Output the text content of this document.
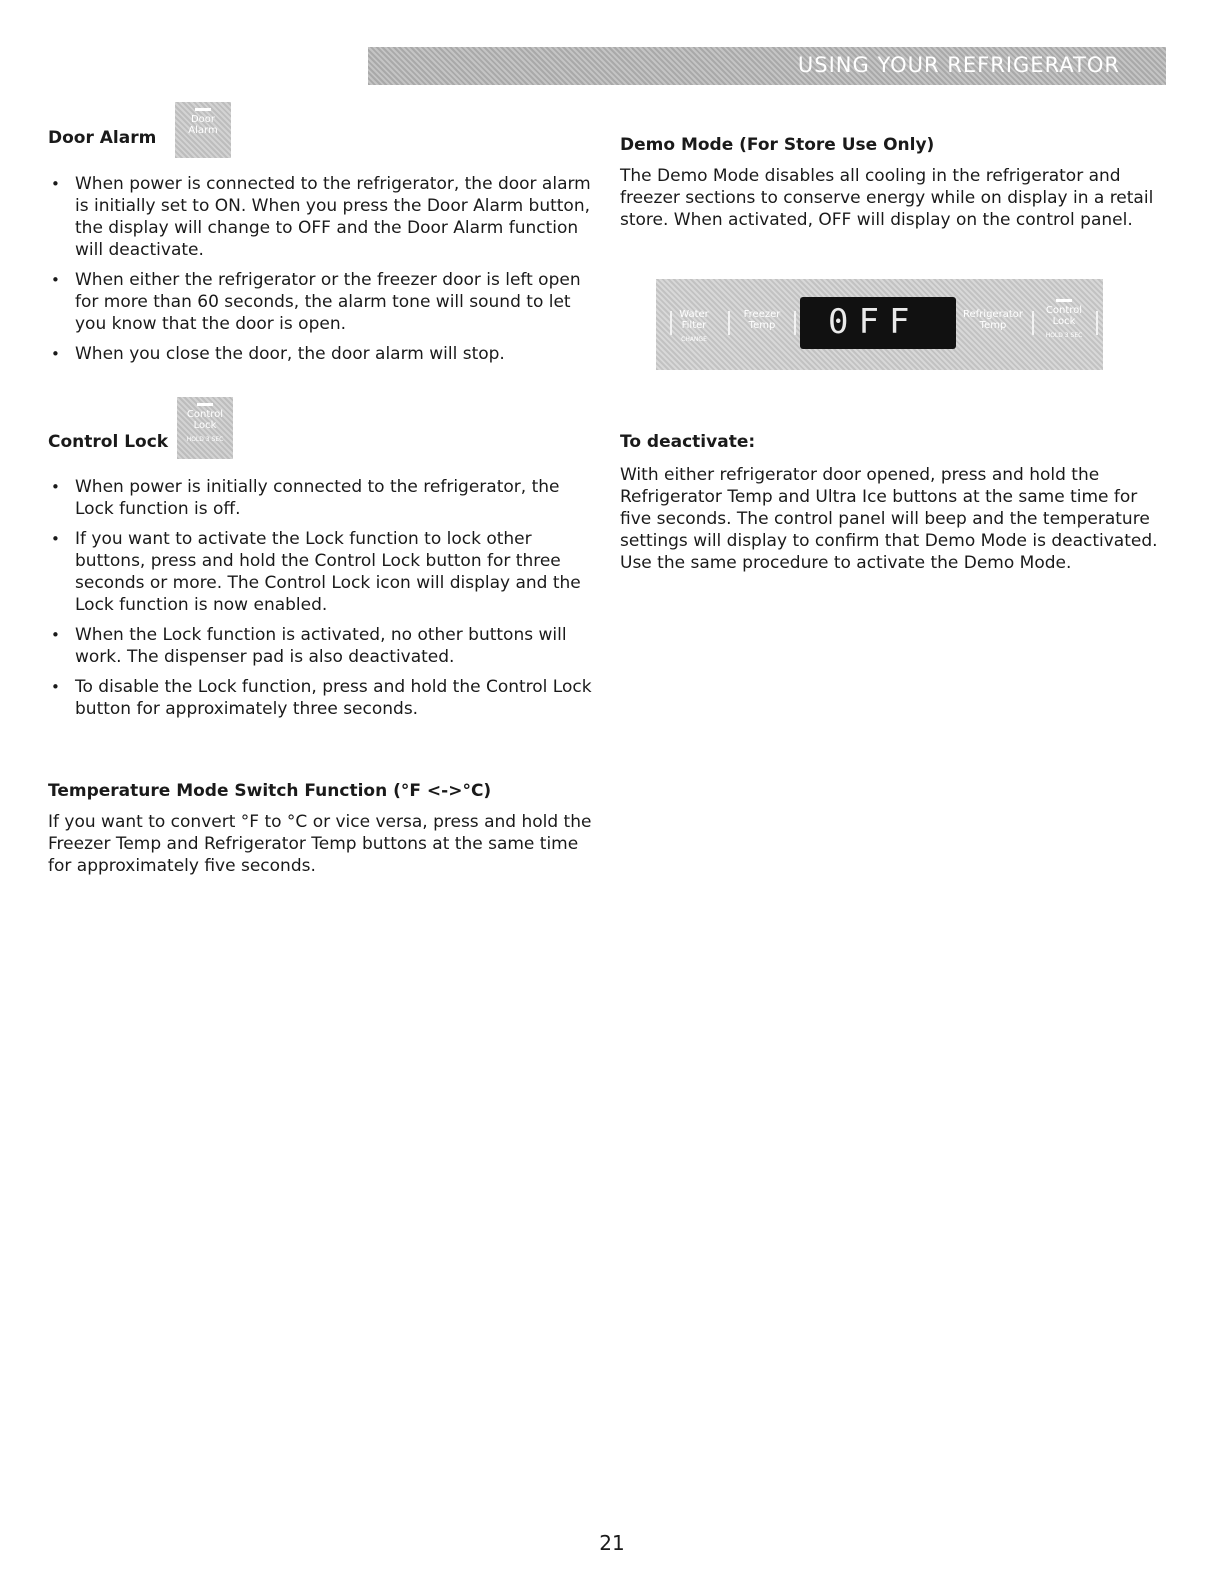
USING YOUR REFRIGERATOR
Door Alarm
Door
Alarm
• When power is connected to the refrigerator, the door alarm is initially set to ON. When you press the Door Alarm button, the display will change to OFF and the Door Alarm function will deactivate.
• When either the refrigerator or the freezer door is left open for more than 60 seconds, the alarm tone will sound to let you know that the door is open.
• When you close the door, the door alarm will stop.
Control Lock
Control
Lock
HOLD 3 SEC
• When power is initially connected to the refrigerator, the Lock function is off.
• If you want to activate the Lock function to lock other buttons, press and hold the Control Lock button for three seconds or more. The Control Lock icon will display and the Lock function is now enabled.
• When the Lock function is activated, no other buttons will work. The dispenser pad is also deactivated.
• To disable the Lock function, press and hold the Control Lock button for approximately three seconds.
Temperature Mode Switch Function (°F <->°C)

If you want to convert °F to °C or vice versa, press and hold the Freezer Temp and Refrigerator Temp buttons at the same time for approximately five seconds.

Demo Mode (For Store Use Only)

The Demo Mode disables all cooling in the refrigerator and freezer sections to conserve energy while on display in a retail store. When activated, OFF will display on the control panel.

Water
Filter
CHANGE
Freezer
Temp	0FF	Refrigerator
Temp
Control
Lock
HOLD 3 SEC
To deactivate:

With either refrigerator door opened, press and hold the Refrigerator Temp and Ultra Ice buttons at the same time for five seconds. The control panel will beep and the temperature settings will display to confirm that Demo Mode is deactivated. Use the same procedure to activate the Demo Mode.

21
